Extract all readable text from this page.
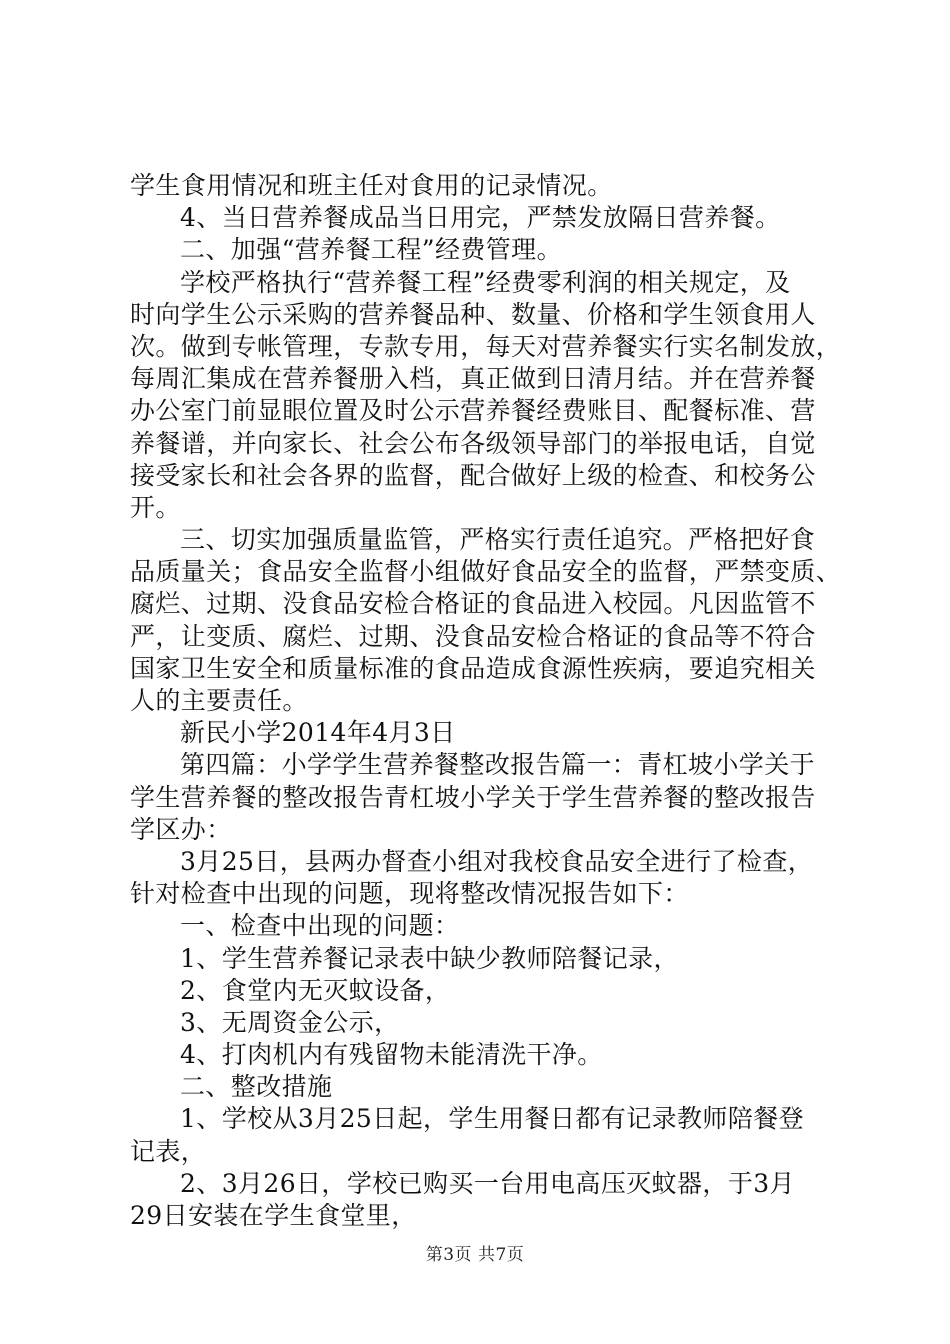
学生食用情况和班主任对食用的记录情况。
4、当日营养餐成品当日用完，严禁发放隔日营养餐。
二、加强“营养餐工程”经费管理。
学校严格执行“营养餐工程”经费零利润的相关规定，及
时向学生公示采购的营养餐品种、数量、价格和学生领食用人
次。做到专帐管理，专款专用，每天对营养餐实行实名制发放，
每周汇集成在营养餐册入档，真正做到日清月结。并在营养餐
办公室门前显眼位置及时公示营养餐经费账目、配餐标准、营
养餐谱，并向家长、社会公布各级领导部门的举报电话，自觉
接受家长和社会各界的监督，配合做好上级的检查、和校务公
开。
三、切实加强质量监管，严格实行责任追究。严格把好食
品质量关；食品安全监督小组做好食品安全的监督，严禁变质、
腐烂、过期、没食品安检合格证的食品进入校园。凡因监管不
严，让变质、腐烂、过期、没食品安检合格证的食品等不符合
国家卫生安全和质量标准的食品造成食源性疾病，要追究相关
人的主要责任。
新民小学2014年4月3日
第四篇：小学学生营养餐整改报告篇一：青杠坡小学关于
学生营养餐的整改报告青杠坡小学关于学生营养餐的整改报告
学区办：
3月25日，县两办督查小组对我校食品安全进行了检查，
针对检查中出现的问题，现将整改情况报告如下：
一、检查中出现的问题：
1、学生营养餐记录表中缺少教师陪餐记录，
2、食堂内无灭蚊设备，
3、无周资金公示，
4、打肉机内有残留物未能清洗干净。
二、整改措施
1、学校从3月25日起，学生用餐日都有记录教师陪餐登
记表，
2、3月26日，学校已购买一台用电高压灭蚊器，于3月
29日安装在学生食堂里，
第3页 共7页
